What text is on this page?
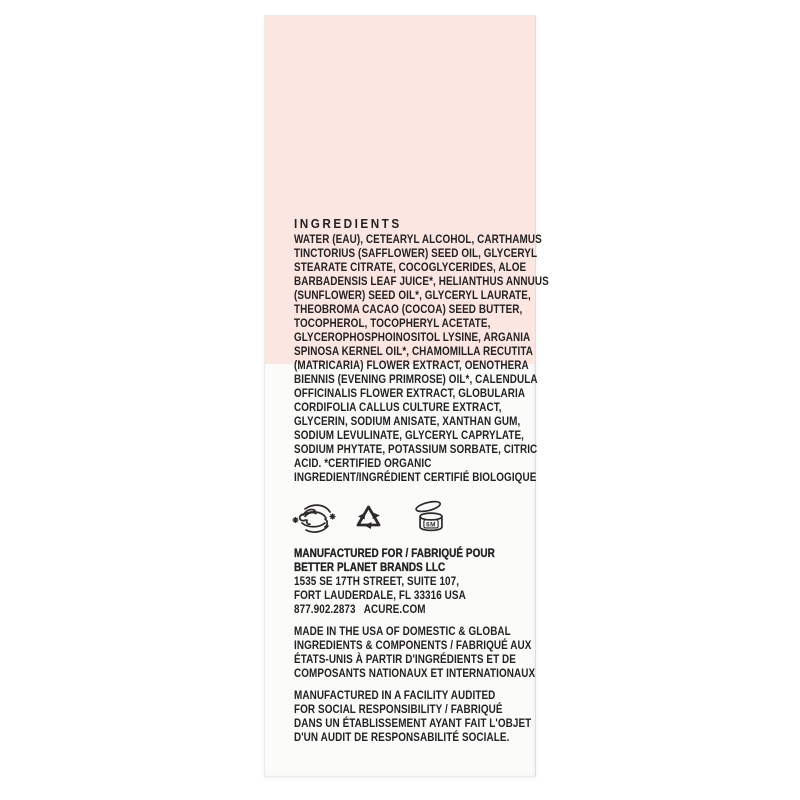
INGREDIENTS
WATER (EAU), CETEARYL ALCOHOL, CARTHAMUS
TINCTORIUS (SAFFLOWER) SEED OIL, GLYCERYL
STEARATE CITRATE, COCOGLYCERIDES, ALOE
BARBADENSIS LEAF JUICE*, HELIANTHUS ANNUUS
(SUNFLOWER) SEED OIL*, GLYCERYL LAURATE,
THEOBROMA CACAO (COCOA) SEED BUTTER,
TOCOPHEROL, TOCOPHERYL ACETATE,
GLYCEROPHOSPHOINOSITOL LYSINE, ARGANIA
SPINOSA KERNEL OIL*, CHAMOMILLA RECUTITA
(MATRICARIA) FLOWER EXTRACT, OENOTHERA
BIENNIS (EVENING PRIMROSE) OIL*, CALENDULA
OFFICINALIS FLOWER EXTRACT, GLOBULARIA
CORDIFOLIA CALLUS CULTURE EXTRACT,
GLYCERIN, SODIUM ANISATE, XANTHAN GUM,
SODIUM LEVULINATE, GLYCERYL CAPRYLATE,
SODIUM PHYTATE, POTASSIUM SORBATE, CITRIC
ACID. *CERTIFIED ORGANIC
INGREDIENT/INGRÉDIENT CERTIFIÉ BIOLOGIQUE
6M
MANUFACTURED FOR / FABRIQUÉ POUR
BETTER PLANET BRANDS LLC
1535 SE 17TH STREET, SUITE 107,
FORT LAUDERDALE, FL 33316 USA
877.902.2873   ACURE.COM
MADE IN THE USA OF DOMESTIC & GLOBAL
INGREDIENTS & COMPONENTS / FABRIQUÉ AUX
ÉTATS-UNIS À PARTIR D'INGRÉDIENTS ET DE
COMPOSANTS NATIONAUX ET INTERNATIONAUX
MANUFACTURED IN A FACILITY AUDITED
FOR SOCIAL RESPONSIBILITY / FABRIQUÉ
DANS UN ÉTABLISSEMENT AYANT FAIT L'OBJET
D'UN AUDIT DE RESPONSABILITÉ SOCIALE.
